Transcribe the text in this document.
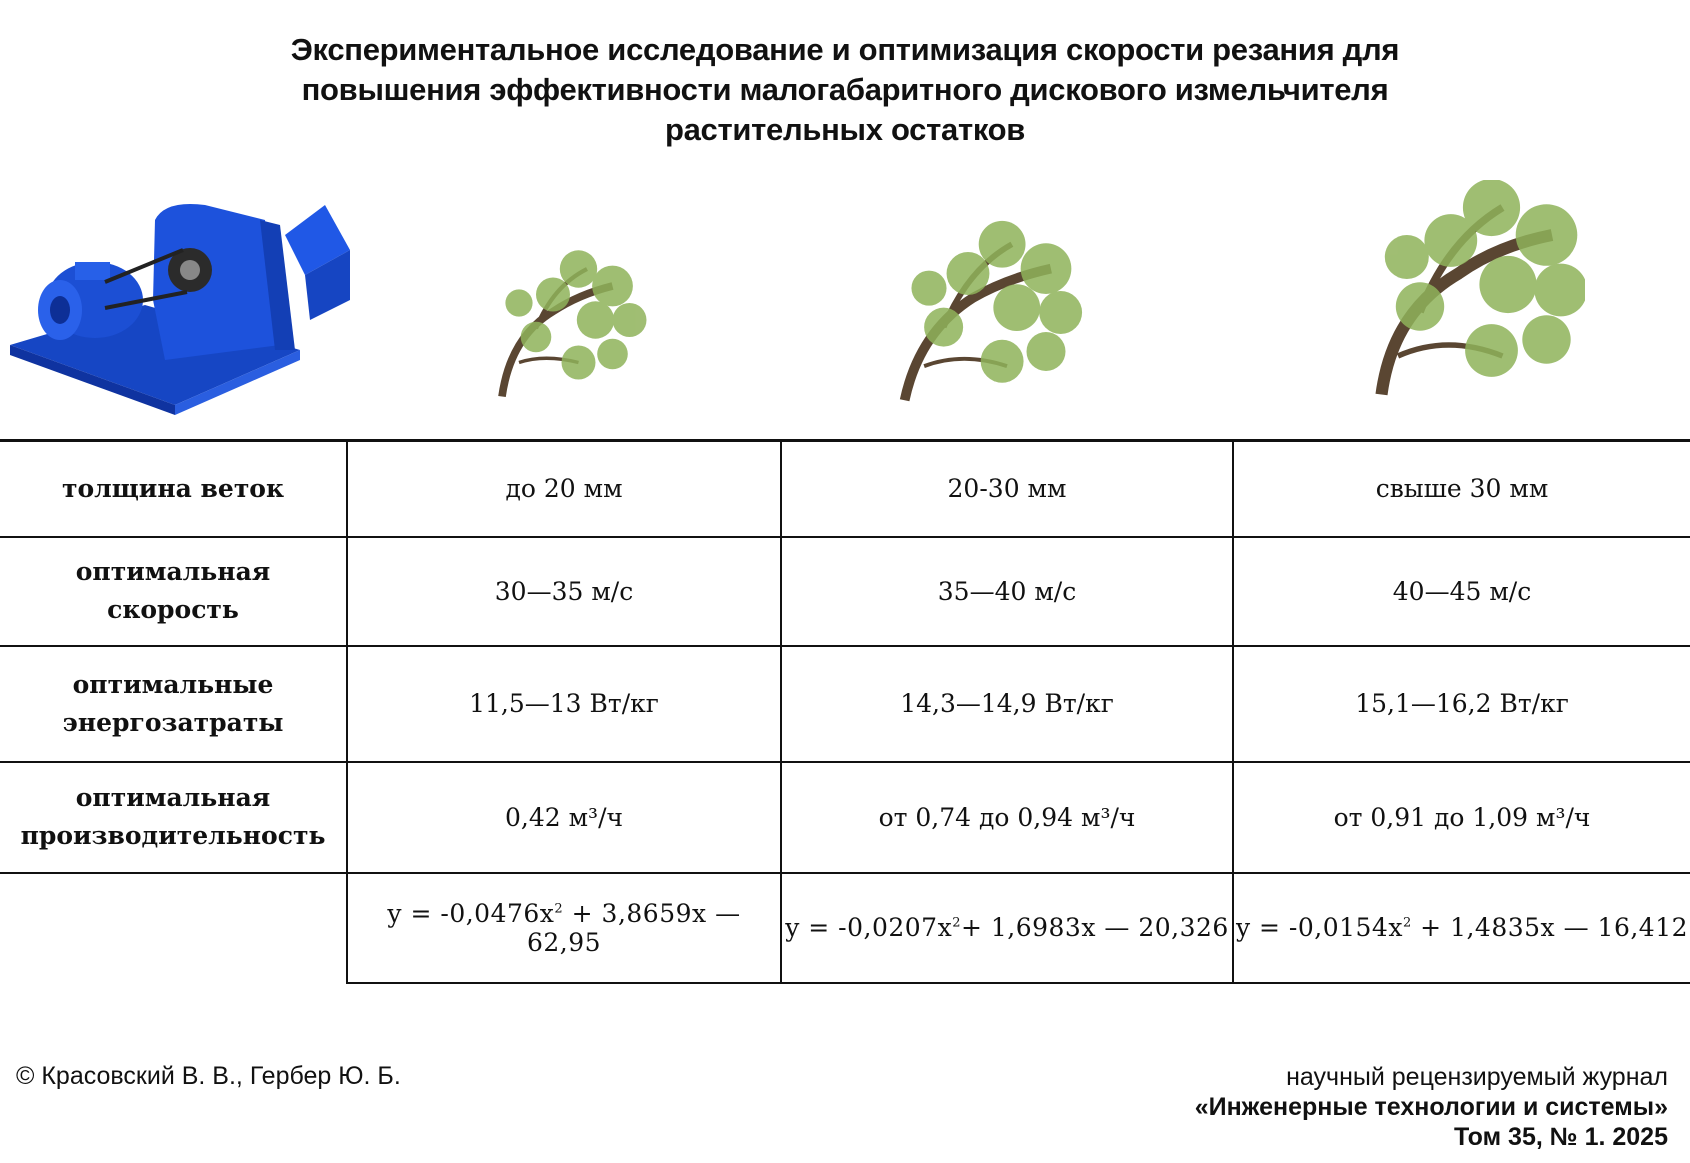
Экспериментальное исследование и оптимизация скорости резания для
повышения эффективности малогабаритного дискового измельчителя
растительных остатков
толщина веток	до 20 мм	20-30 мм	свыше 30 мм

оптимальная
скорость	30—35 м/с	35—40 м/с	40—45 м/с

оптимальные
энергозатраты	11,5—13 Вт/кг	14,3—14,9 Вт/кг	15,1—16,2 Вт/кг

оптимальная
производительность	0,42 м³/ч	от 0,74 до 0,94 м³/ч	от 0,91 до 1,09 м³/ч
	$y = -0,0476x^2 + 3,8659x$ — 62,95	$y = -0,0207x^2+ 1,6983x$ — 20,326	$y = -0,0154x^2 + 1,4835x$ — 16,412
© Красовский В. В., Гербер Ю. Б.	научный рецензируемый журнал
«Инженерные технологии и системы»
Том 35, № 1. 2025
